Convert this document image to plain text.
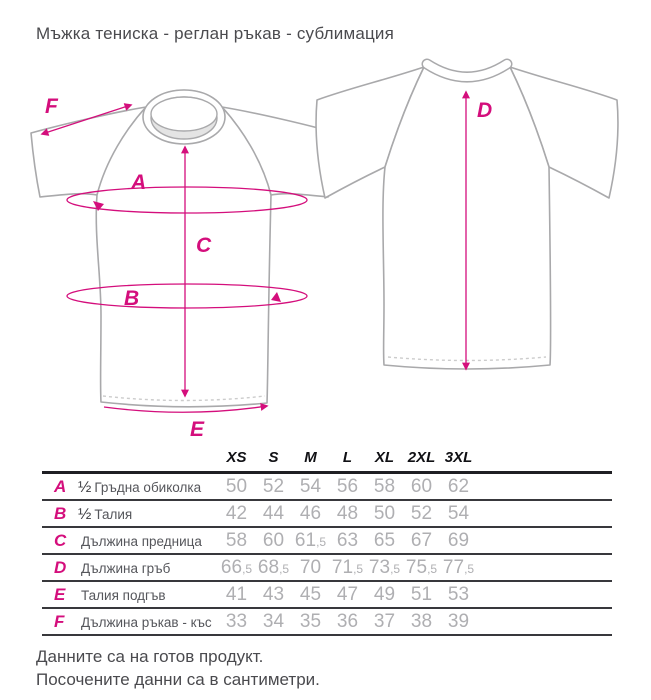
Мъжка тениска - реглан ръкав - сублимация
F
A
B
C
E
D
	XS	S	M	L	XL	2XL	3XL	
A ½ Гръдна обиколка	50	52	54	56	58	60	62	
B ½ Талия	42	44	46	48	50	52	54	
C Дължина предница	58	60	61,5	63	65	67	69	
D Дължина гръб	66,5	68,5	70	71,5	73,5	75,5	77,5	
E Талия подгъв	41	43	45	47	49	51	53	
F Дължина ръкав - къс	33	34	35	36	37	38	39	
Данните са на готов продукт.
Посочените данни са в сантиметри.
